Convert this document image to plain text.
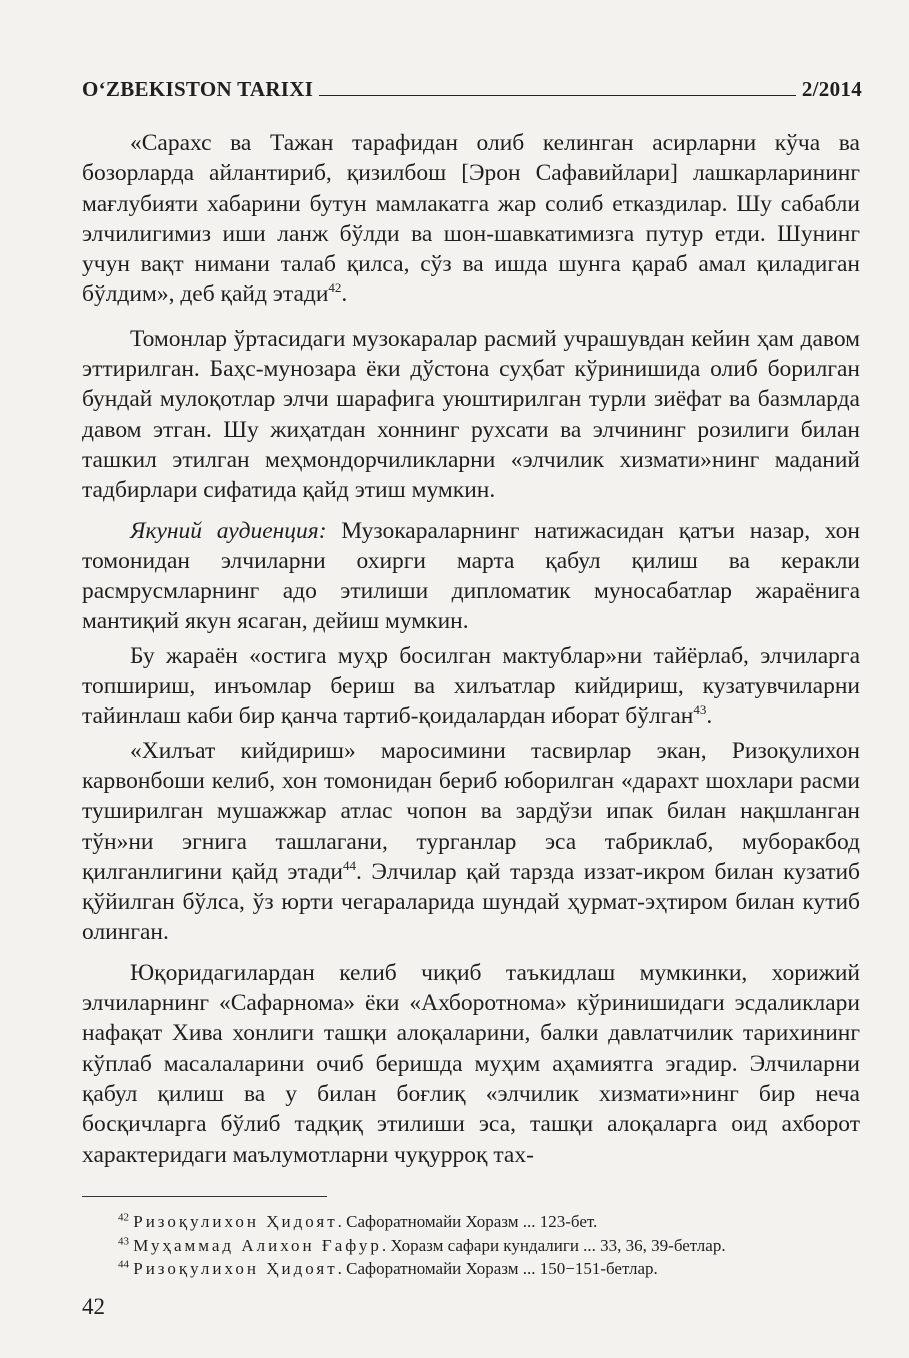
O‘ZBEKISTON TARIXI	2/2014

«Сарахс ва Тажан тарафидан олиб келинган асирларни кўча ва бозорларда айлантириб, қизилбош [Эрон Сафавийлари] лашкарларининг мағлубияти хабарини бутун мамлакатга жар солиб етказдилар. Шу сабабли элчилигимиз иши ланж бўлди ва шон-шавкатимизга путур етди. Шунинг учун вақт нимани талаб қилса, сўз ва ишда шунга қараб амал қиладиган бўлдим», деб қайд этади$^{42}$.

Томонлар ўртасидаги музокаралар расмий учрашувдан кейин ҳам давом эттирилган. Баҳс-мунозара ёки дўстона суҳбат кўринишида олиб борилган бундай мулоқотлар элчи шарафига уюштирилган турли зиёфат ва базмларда давом этган. Шу жиҳатдан хоннинг рухсати ва элчининг розилиги билан ташкил этилган меҳмондорчиликларни «элчилик хизмати»нинг маданий тадбирлари сифатида қайд этиш мумкин.

Якуний аудиенция: Музокараларнинг натижасидан қатъи назар, хон томонидан элчиларни охирги марта қабул қилиш ва керакли расмрусмларнинг адо этилиши дипломатик муносабатлар жараёнига мантиқий якун ясаган, дейиш мумкин.

Бу жараён «остига муҳр босилган мактублар»ни тайёрлаб, элчиларга топшириш, инъомлар бериш ва хилъатлар кийдириш, кузатувчиларни тайинлаш каби бир қанча тартиб-қоидалардан иборат бўлган$^{43}$.

«Хилъат кийдириш» маросимини тасвирлар экан, Ризоқулихон карвонбоши келиб, хон томонидан бериб юборилган «дарахт шохлари расми туширилган мушажжар атлас чопон ва зардўзи ипак билан нақшланган тўн»ни эгнига ташлагани, турганлар эса табриклаб, муборакбод қилганлигини қайд этади$^{44}$. Элчилар қай тарзда иззат-икром билан кузатиб қўйилган бўлса, ўз юрти чегараларида шундай ҳурмат-эҳтиром билан кутиб олинган.

Юқоридагилардан келиб чиқиб таъкидлаш мумкинки, хорижий элчиларнинг «Сафарнома» ёки «Ахборотнома» кўринишидаги эсдаликлари нафақат Хива хонлиги ташқи алоқаларини, балки давлатчилик тарихининг кўплаб масалаларини очиб беришда муҳим аҳамиятга эгадир. Элчиларни қабул қилиш ва у билан боғлиқ «элчилик хизмати»нинг бир неча босқичларга бўлиб тадқиқ этилиши эса, ташқи алоқаларга оид ахборот характеридаги маълумотларни чуқурроқ тах-

$^{42}$ Ризоқулихон Ҳидоят. Сафоратномайи Хоразм ... 123-бет.
$^{43}$ Муҳаммад Алихон Ғафур. Хоразм сафари кундалиги ... 33, 36, 39-бетлар.
$^{44}$ Ризоқулихон Ҳидоят. Сафоратномайи Хоразм ... 150−151-бетлар.
42
